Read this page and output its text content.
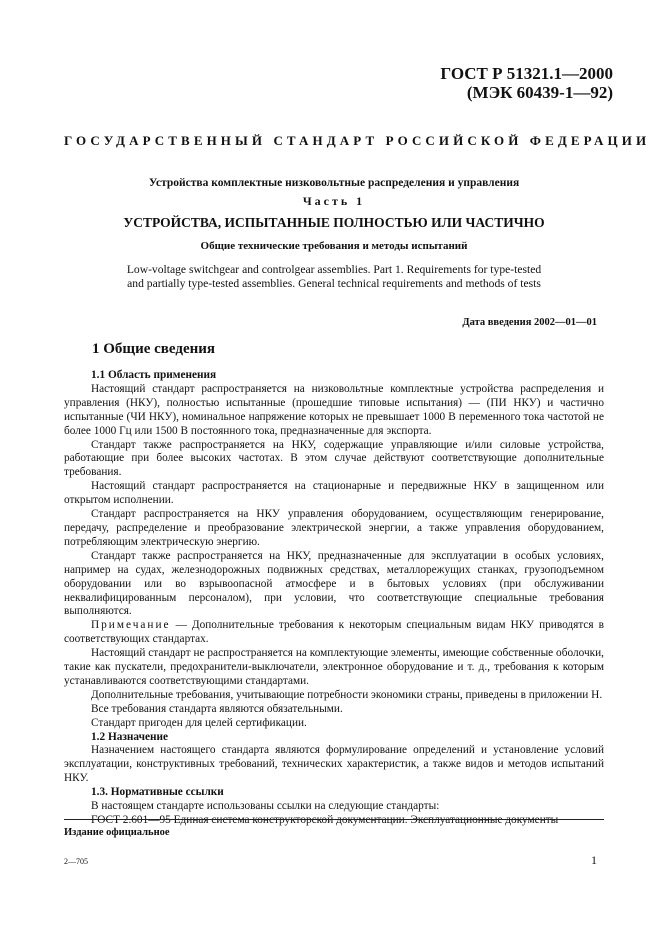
ГОСТ Р 51321.1—2000
(МЭК 60439-1—92)
ГОСУДАРСТВЕННЫЙ СТАНДАРТ РОССИЙСКОЙ ФЕДЕРАЦИИ
Устройства комплектные низковольтные распределения и управления
Часть 1
УСТРОЙСТВА, ИСПЫТАННЫЕ ПОЛНОСТЬЮ ИЛИ ЧАСТИЧНО
Общие технические требования и методы испытаний
Low-voltage switchgear and controlgear assemblies. Part 1. Requirements for type-tested
and partially type-tested assemblies. General technical requirements and methods of tests
Дата введения 2002—01—01
1 Общие сведения

1.1 Область применения

Настоящий стандарт распространяется на низковольтные комплектные устройства распределения и управления (НКУ), полностью испытанные (прошедшие типовые испытания) — (ПИ НКУ) и частично испытанные (ЧИ НКУ), номинальное напряжение которых не превышает 1000 В переменного тока частотой не более 1000 Гц или 1500 В постоянного тока, предназначенные для экспорта.

Стандарт также распространяется на НКУ, содержащие управляющие и/или силовые устройства, работающие при более высоких частотах. В этом случае действуют соответствующие дополнительные требования.

Настоящий стандарт распространяется на стационарные и передвижные НКУ в защищенном или открытом исполнении.

Стандарт распространяется на НКУ управления оборудованием, осуществляющим генерирование, передачу, распределение и преобразование электрической энергии, а также управления оборудованием, потребляющим электрическую энергию.

Стандарт также распространяется на НКУ, предназначенные для эксплуатации в особых условиях, например на судах, железнодорожных подвижных средствах, металлорежущих станках, грузоподъемном оборудовании или во взрывоопасной атмосфере и в бытовых условиях (при обслуживании неквалифицированным персоналом), при условии, что соответствующие специальные требования выполняются.

Примечание — Дополнительные требования к некоторым специальным видам НКУ приводятся в соответствующих стандартах.

Настоящий стандарт не распространяется на комплектующие элементы, имеющие собственные оболочки, такие как пускатели, предохранители-выключатели, электронное оборудование и т. д., требования к которым устанавливаются соответствующими стандартами.

Дополнительные требования, учитывающие потребности экономики страны, приведены в приложении Н.

Все требования стандарта являются обязательными.

Стандарт пригоден для целей сертификации.

1.2 Назначение

Назначением настоящего стандарта являются формулирование определений и установление условий эксплуатации, конструктивных требований, технических характеристик, а также видов и методов испытаний НКУ.

1.3. Нормативные ссылки

В настоящем стандарте использованы ссылки на следующие стандарты:

ГОСТ 2.601—95 Единая система конструкторской документации. Эксплуатационные документы

Издание официальное
2—705	1
